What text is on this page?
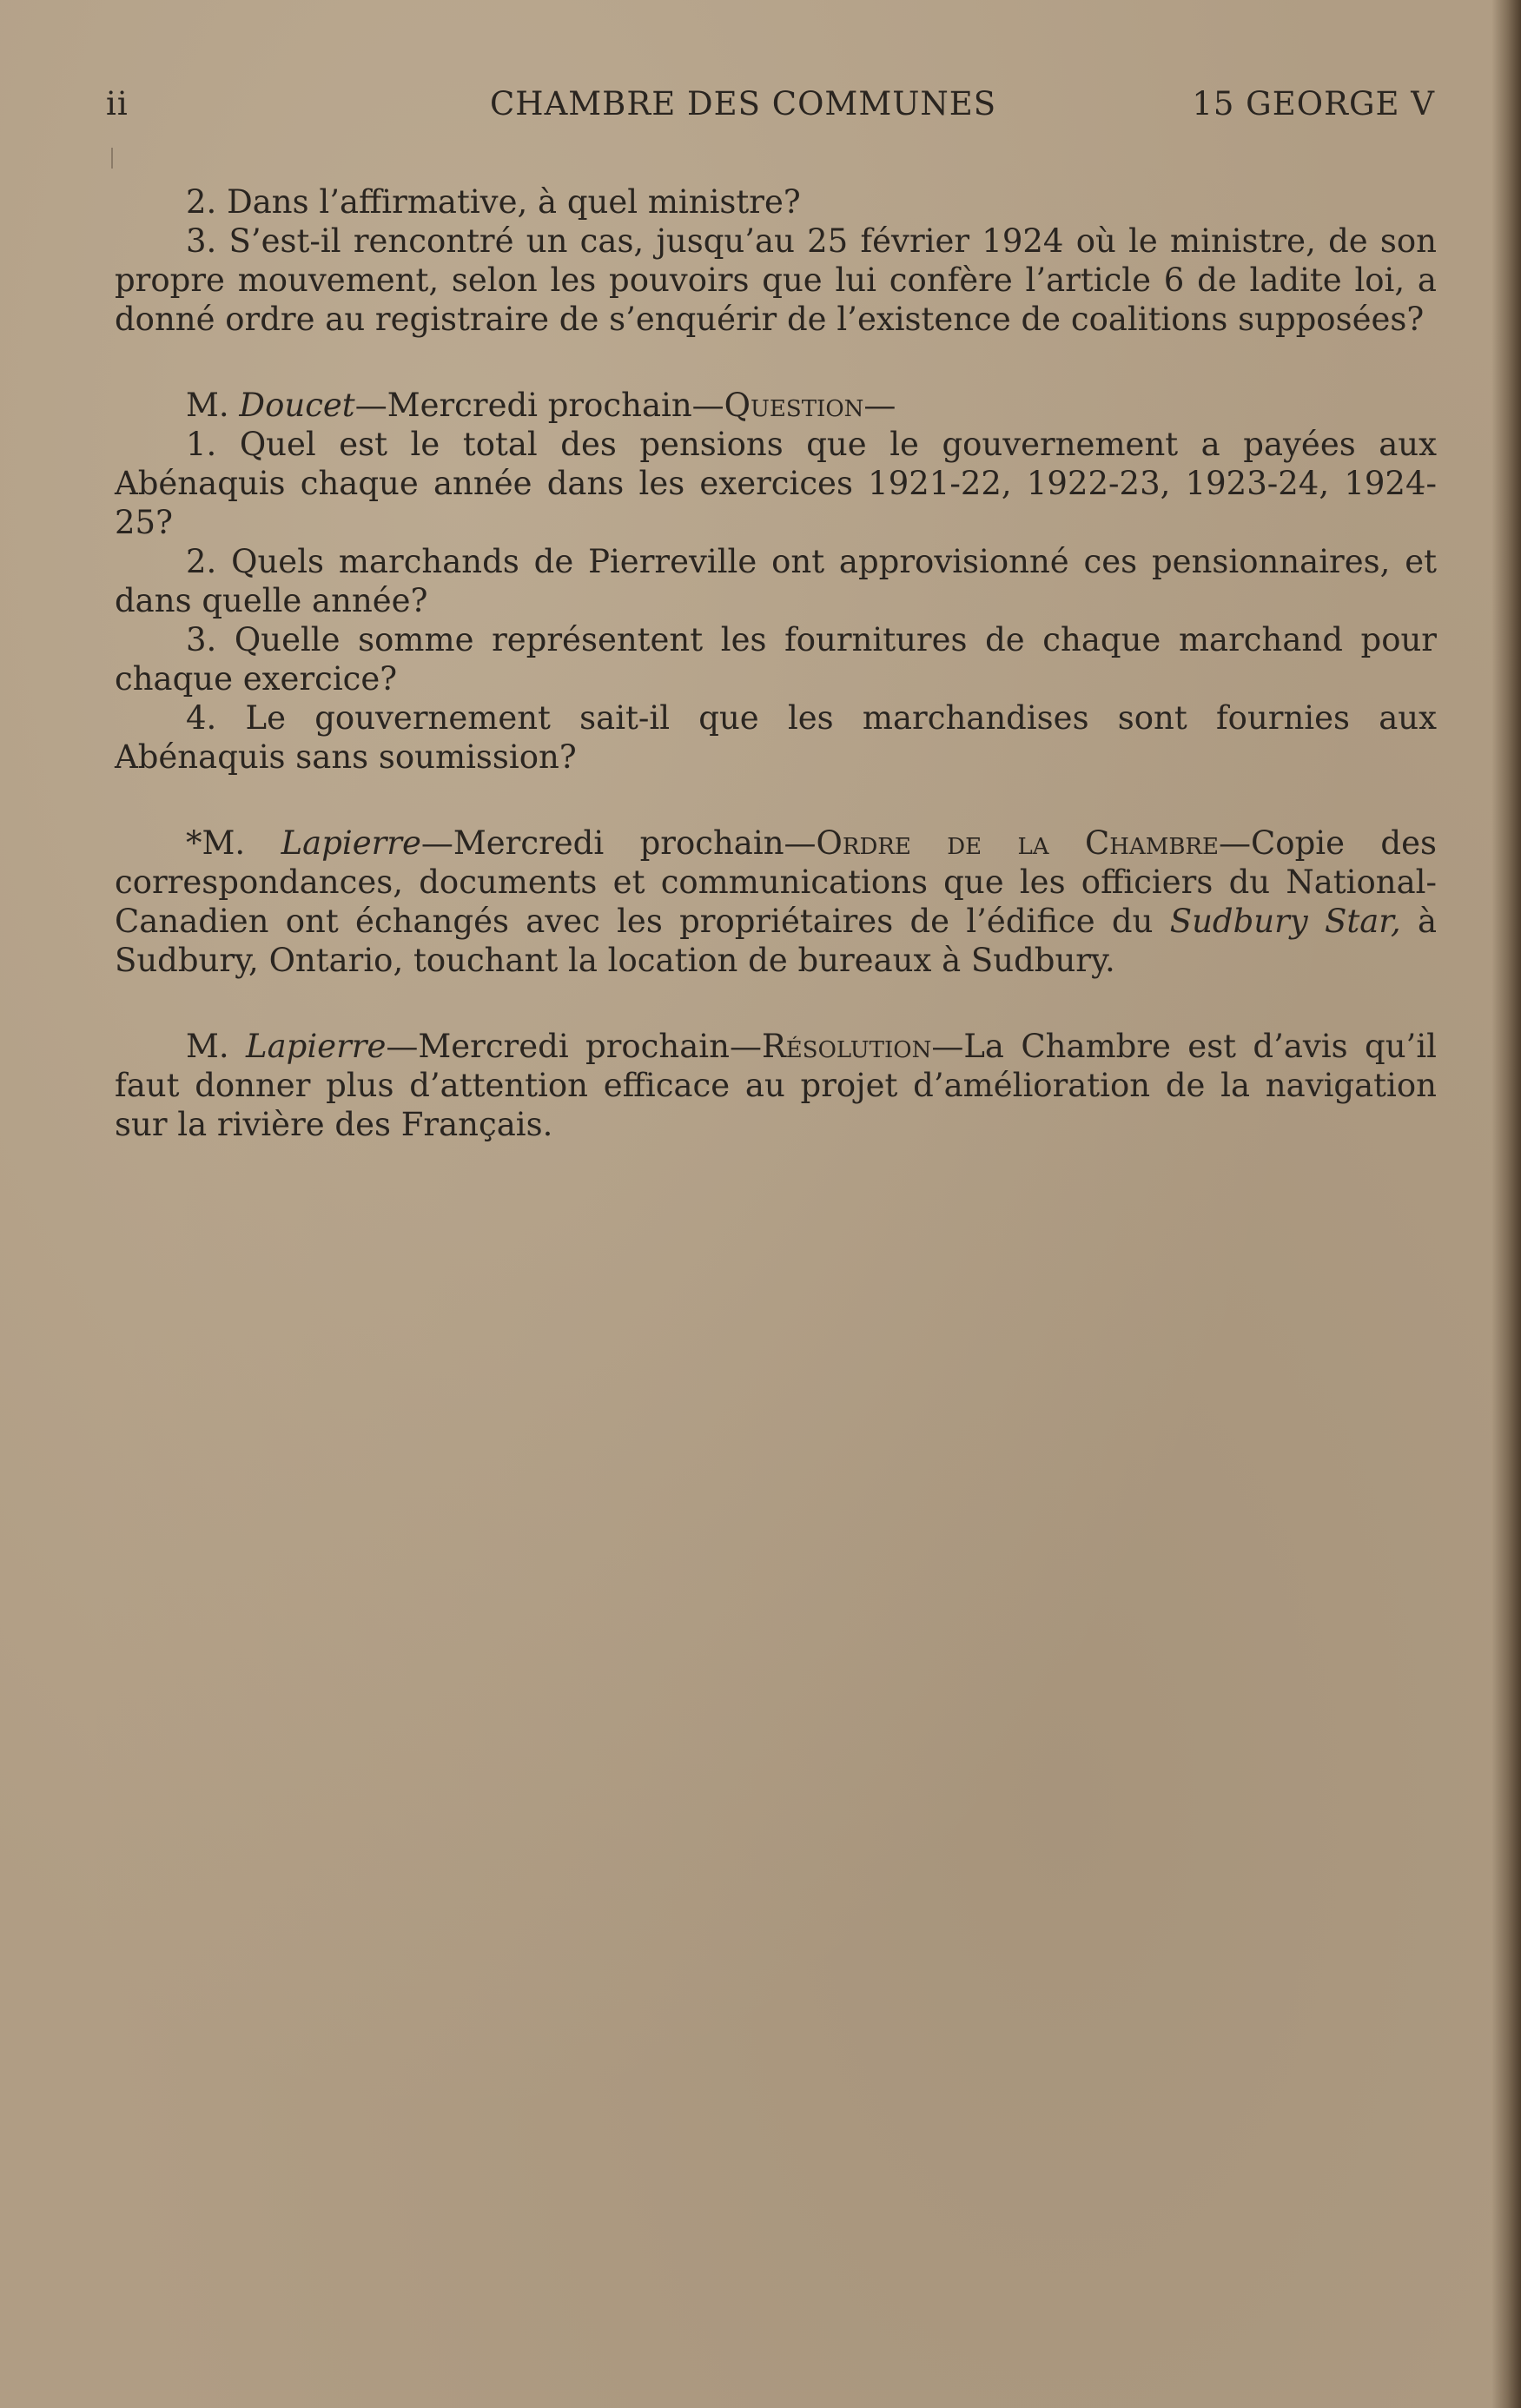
ii	CHAMBRE DES COMMUNES	15 GEORGE V

2. Dans l’affirmative, à quel ministre?

3. S’est-il rencontré un cas, jusqu’au 25 février 1924 où le ministre, de son propre mouvement, selon les pouvoirs que lui confère l’article 6 de ladite loi, a donné ordre au registraire de s’enquérir de l’existence de coalitions supposées?

M. Doucet—Mercredi prochain—Question—

1. Quel est le total des pensions que le gouvernement a payées aux Abénaquis chaque année dans les exercices 1921-22, 1922-23, 1923-24, 1924-25?

2. Quels marchands de Pierreville ont approvisionné ces pensionnaires, et dans quelle année?

3. Quelle somme représentent les fournitures de chaque marchand pour chaque exercice?

4. Le gouvernement sait-il que les marchandises sont fournies aux Abénaquis sans soumission?

*M. Lapierre—Mercredi prochain—Ordre de la Chambre—Copie des correspondances, documents et communications que les officiers du National-Canadien ont échangés avec les propriétaires de l’édifice du Sudbury Star, à Sudbury, Ontario, touchant la location de bureaux à Sudbury.

M. Lapierre—Mercredi prochain—Résolution—La Chambre est d’avis qu’il faut donner plus d’attention efficace au projet d’amélioration de la navigation sur la rivière des Français.
